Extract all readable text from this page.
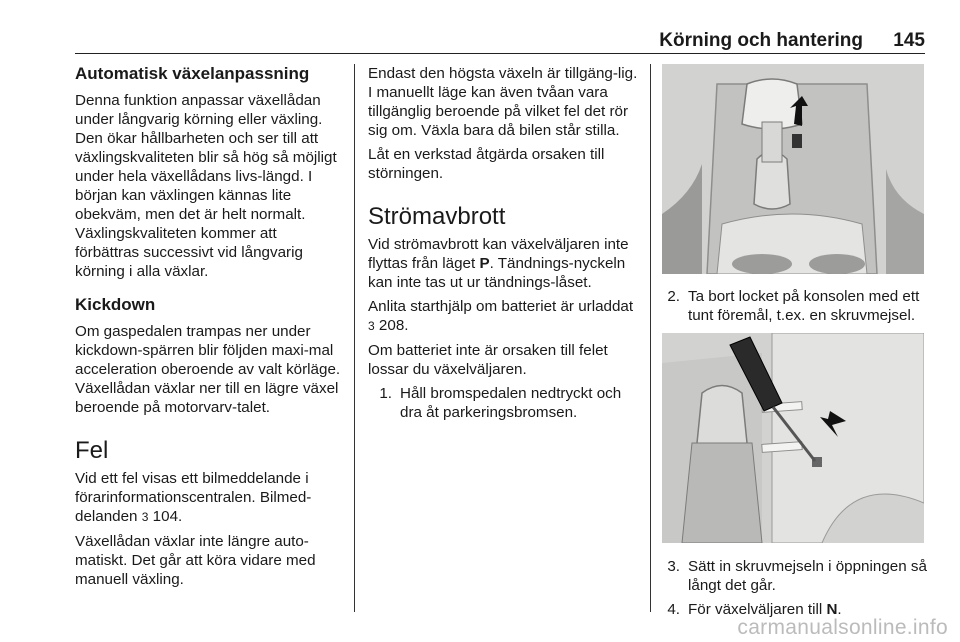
Körning och hantering 145
Automatisk växelanpassning

Denna funktion anpassar växellådan under långvarig körning eller växling. Den ökar hållbarheten och ser till att växlingskvaliteten blir så hög så möjligt under hela växellådans livs-längd. I början kan växlingen kännas lite obekväm, men det är helt normalt. Växlingskvaliteten kommer att förbättras successivt vid långvarig körning i alla växlar.

Kickdown

Om gaspedalen trampas ner under kickdown-spärren blir följden maxi-mal acceleration oberoende av valt körläge. Växellådan växlar ner till en lägre växel beroende på motorvarv-talet.

Fel

Vid ett fel visas ett bilmeddelande i förarinformationscentralen. Bilmed-delanden 3 104.

Växellådan växlar inte längre auto-matiskt. Det går att köra vidare med manuell växling.

Endast den högsta växeln är tillgäng-lig. I manuellt läge kan även tvåan vara tillgänglig beroende på vilket fel det rör sig om. Växla bara då bilen står stilla.

Låt en verkstad åtgärda orsaken till störningen.

Strömavbrott

Vid strömavbrott kan växelväljaren inte flyttas från läget P. Tändnings-nyckeln kan inte tas ut ur tändnings-låset.

Anlita starthjälp om batteriet är urladdat 3 208.

Om batteriet inte är orsaken till felet lossar du växelväljaren.

1. Håll bromspedalen nedtryckt och dra åt parkeringsbromsen.
2. Ta bort locket på konsolen med ett tunt föremål, t.ex. en skruvmejsel.
3. Sätt in skruvmejseln i öppningen så långt det går.
4. För växelväljaren till N.
carmanualsonline.info
